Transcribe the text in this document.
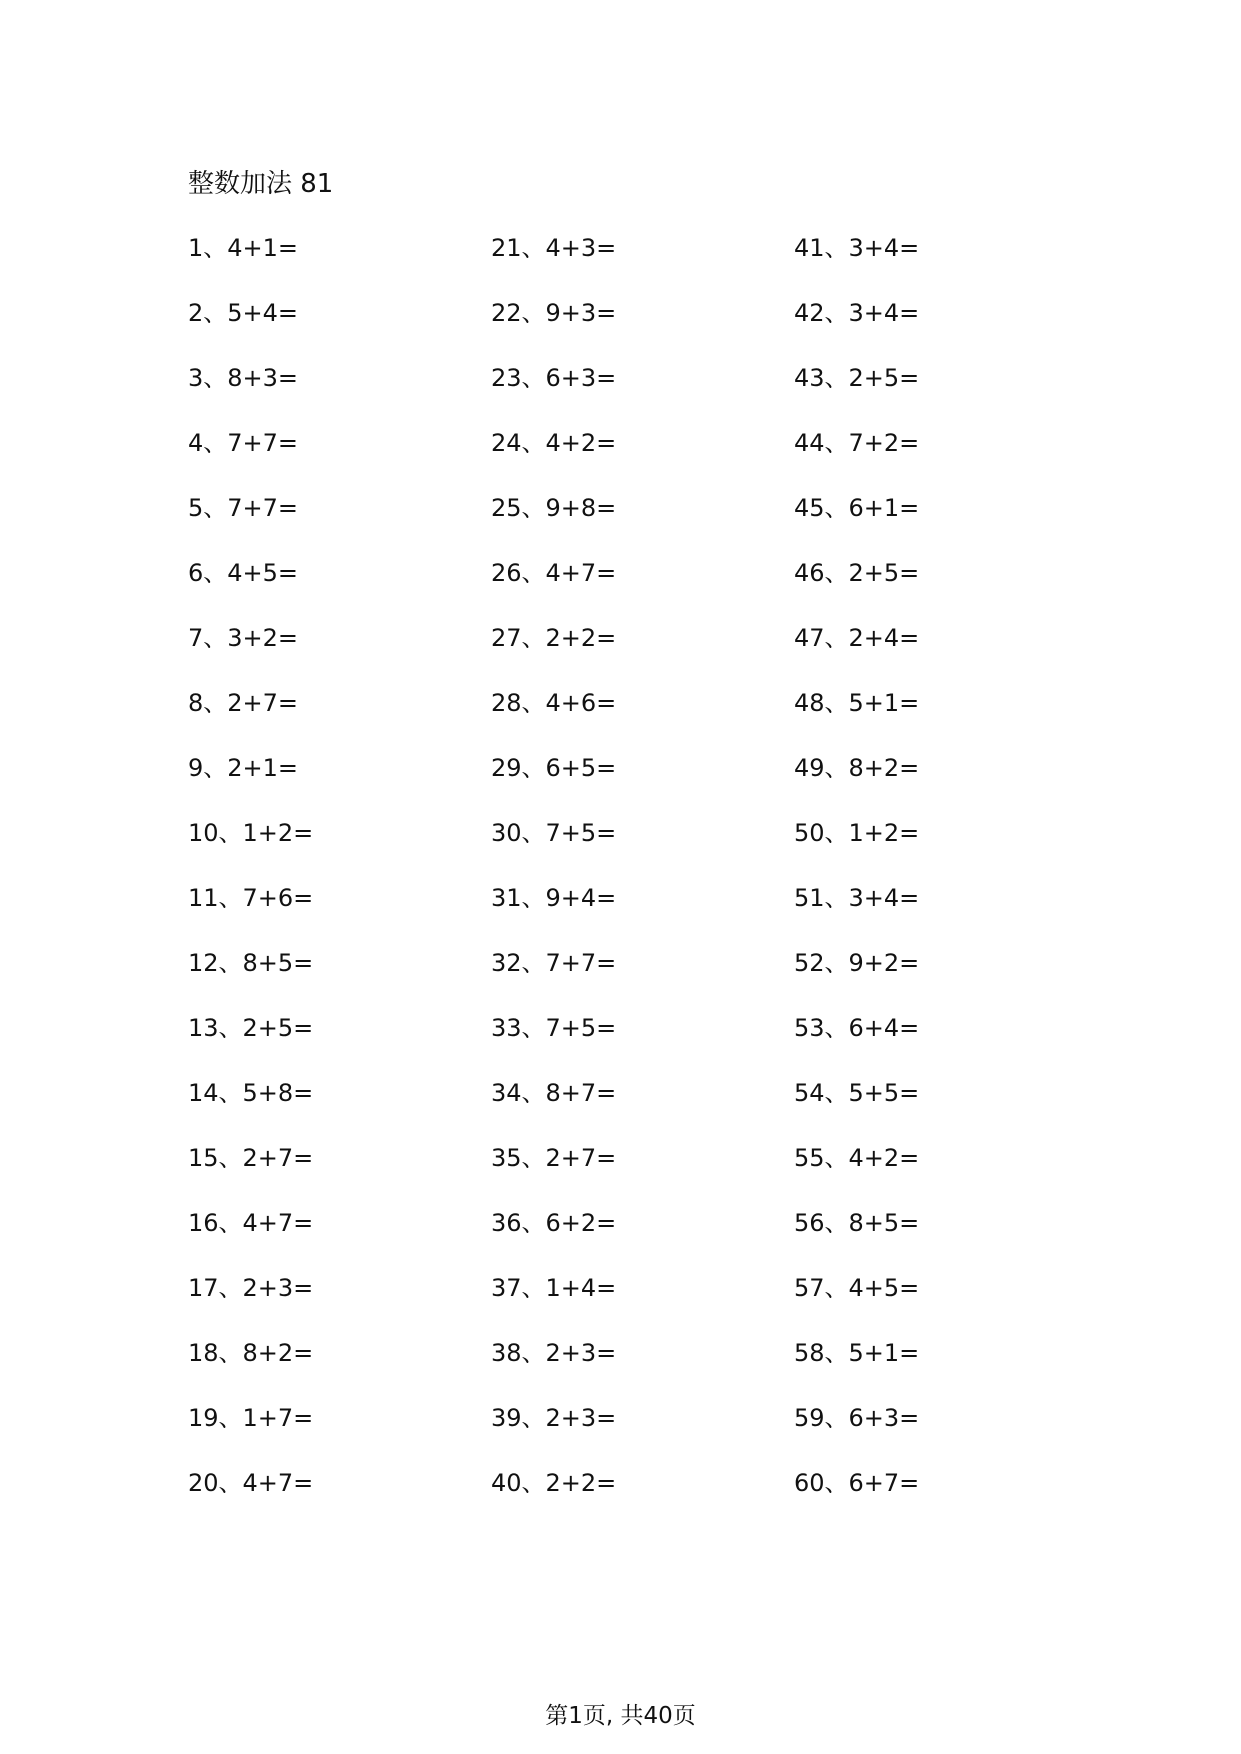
整数加法 81
1、4+1=
2、5+4=
3、8+3=
4、7+7=
5、7+7=
6、4+5=
7、3+2=
8、2+7=
9、2+1=
10、1+2=
11、7+6=
12、8+5=
13、2+5=
14、5+8=
15、2+7=
16、4+7=
17、2+3=
18、8+2=
19、1+7=
20、4+7=
21、4+3=
22、9+3=
23、6+3=
24、4+2=
25、9+8=
26、4+7=
27、2+2=
28、4+6=
29、6+5=
30、7+5=
31、9+4=
32、7+7=
33、7+5=
34、8+7=
35、2+7=
36、6+2=
37、1+4=
38、2+3=
39、2+3=
40、2+2=
41、3+4=
42、3+4=
43、2+5=
44、7+2=
45、6+1=
46、2+5=
47、2+4=
48、5+1=
49、8+2=
50、1+2=
51、3+4=
52、9+2=
53、6+4=
54、5+5=
55、4+2=
56、8+5=
57、4+5=
58、5+1=
59、6+3=
60、6+7=
第1页, 共40页
